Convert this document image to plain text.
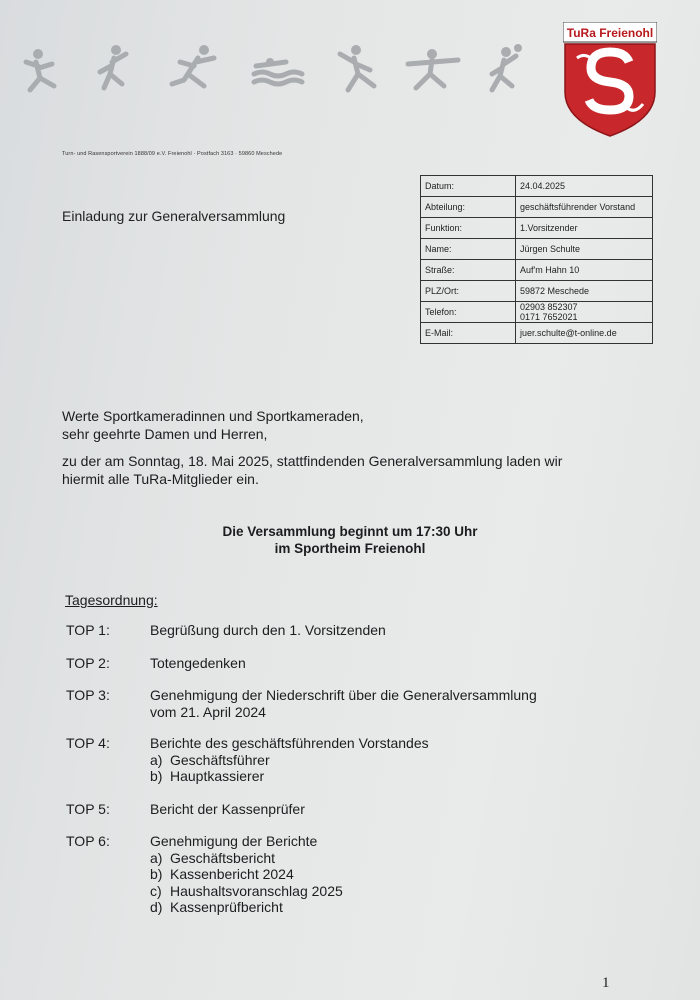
TuRa Freienohl
Turn- und Rasensportverein 1888/09 e.V. Freienohl · Postfach 3163 · 59860 Meschede
Einladung zur Generalversammlung
Datum:	24.04.2025
Abteilung:	geschäftsführender Vorstand
Funktion:	1.Vorsitzender
Name:	Jürgen Schulte
Straße:	Auf'm Hahn 10
PLZ/Ort:	59872 Meschede
Telefon:	02903 852307
0171 7652021

E-Mail:	juer.schulte@t-online.de
Werte Sportkameradinnen und Sportkameraden,
sehr geehrte Damen und Herren,
zu der am Sonntag, 18. Mai 2025, stattfindenden Generalversammlung laden wir
hiermit alle TuRa-Mitglieder ein.
Die Versammlung beginnt um 17:30 Uhr
im Sportheim Freienohl
Tagesordnung:
TOP 1:	Begrüßung durch den 1. Vorsitzenden
TOP 2:	Totengedenken
TOP 3:	Genehmigung der Niederschrift über die Generalversammlung
vom 21. April 2024
TOP 4:	Berichte des geschäftsführenden Vorstandes
a) Geschäftsführer
b) Hauptkassierer
TOP 5:	Bericht der Kassenprüfer
TOP 6:	Genehmigung der Berichte
a) Geschäftsbericht
b) Kassenbericht 2024
c) Haushaltsvoranschlag 2025
d) Kassenprüfbericht
1
